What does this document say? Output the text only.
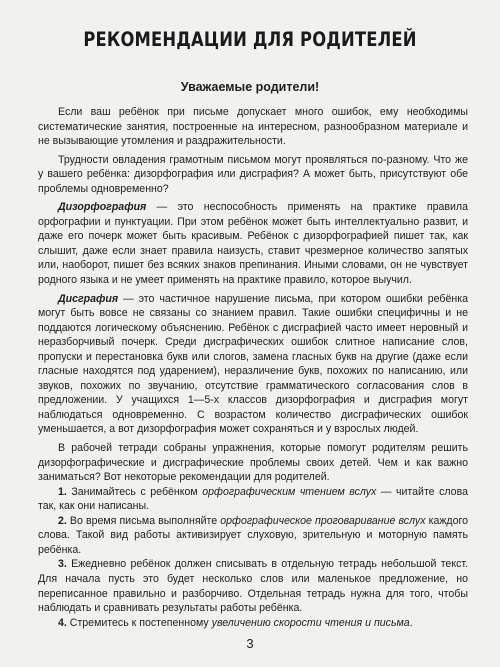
РЕКОМЕНДАЦИИ ДЛЯ РОДИТЕЛЕЙ
Уважаемые родители!

Если ваш ребёнок при письме допускает много ошибок, ему необходимы систематические занятия, построенные на интересном, разнообразном материале и не вызывающие утомления и раздражительности.

Трудности овладения грамотным письмом могут проявляться по-разному. Что же у вашего ребёнка: дизорфография или дисграфия? А может быть, присутствуют обе проблемы одновременно?

Дизорфография — это неспособность применять на практике правила орфографии и пунктуации. При этом ребёнок может быть интеллектуально развит, и даже его почерк может быть красивым. Ребёнок с дизорфографией пишет так, как слышит, даже если знает правила наизусть, ставит чрезмерное количество запятых или, наоборот, пишет без всяких знаков препинания. Иными словами, он не чувствует родного языка и не умеет применять на практике правило, которое выучил.

Дисграфия — это частичное нарушение письма, при котором ошибки ребёнка могут быть вовсе не связаны со знанием правил. Такие ошибки специфичны и не поддаются логическому объяснению. Ребёнок с дисграфией часто имеет неровный и неразборчивый почерк. Среди дисграфических ошибок слитное написание слов, пропуски и перестановка букв или слогов, замена гласных букв на другие (даже если гласные находятся под ударением), неразличение букв, похожих по написанию, или звуков, похожих по звучанию, отсутствие грамматического согласования слов в предложении. У учащихся 1—5-х классов дизорфография и дисграфия могут наблюдаться одновременно. С возрастом количество дисграфических ошибок уменьшается, а вот дизорфография может сохраняться и у взрослых людей.

В рабочей тетради собраны упражнения, которые помогут родителям решить дизорфографические и дисграфические проблемы своих детей. Чем и как важно заниматься? Вот некоторые рекомендации для родителей.

1. Занимайтесь с ребёнком орфографическим чтением вслух — читайте слова так, как они написаны.

2. Во время письма выполняйте орфографическое проговаривание вслух каждого слова. Такой вид работы активизирует слуховую, зрительную и моторную память ребёнка.

3. Ежедневно ребёнок должен списывать в отдельную тетрадь небольшой текст. Для начала пусть это будет несколько слов или маленькое предложение, но переписанное правильно и разборчиво. Отдельная тетрадь нужна для того, чтобы наблюдать и сравнивать результаты работы ребёнка.

4. Стремитесь к постепенному увеличению скорости чтения и письма.

3
